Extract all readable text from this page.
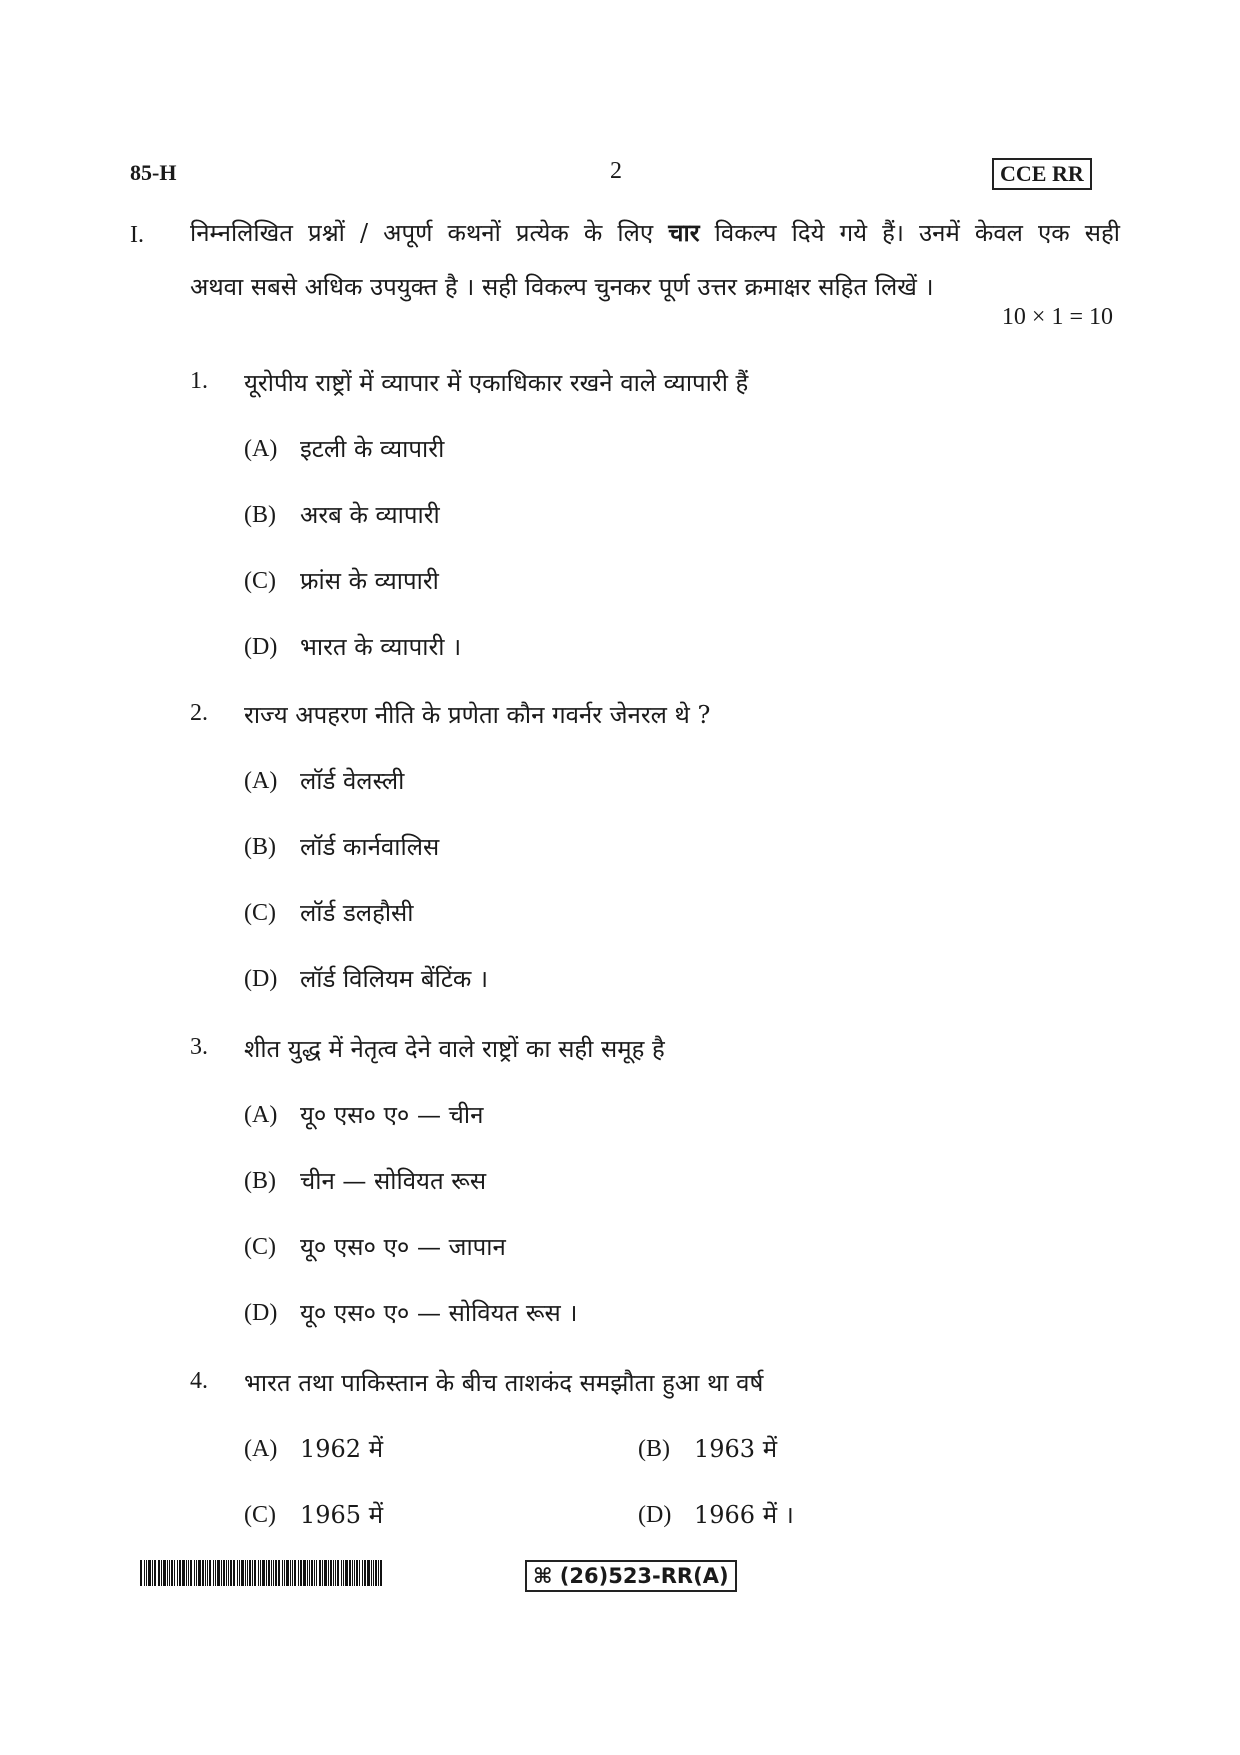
85-H	2	CCE RR
I. निम्नलिखित प्रश्नों / अपूर्ण कथनों प्रत्येक के लिए चार विकल्प दिये गये हैं। उनमें केवल एक सही
अथवा सबसे अधिक उपयुक्त है । सही विकल्प चुनकर पूर्ण उत्तर क्रमाक्षर सहित लिखें ।
10 × 1 = 10
1. यूरोपीय राष्ट्रों में व्यापार में एकाधिकार रखने वाले व्यापारी हैं
(A) इटली के व्यापारी
(B) अरब के व्यापारी
(C) फ्रांस के व्यापारी
(D) भारत के व्यापारी ।
2. राज्य अपहरण नीति के प्रणेता कौन गवर्नर जेनरल थे ?
(A) लॉर्ड वेलस्ली
(B) लॉर्ड कार्नवालिस
(C) लॉर्ड डलहौसी
(D) लॉर्ड विलियम बेंटिंक ।
3. शीत युद्ध में नेतृत्व देने वाले राष्ट्रों का सही समूह है
(A) यू० एस० ए० — चीन
(B) चीन — सोवियत रूस
(C) यू० एस० ए० — जापान
(D) यू० एस० ए० — सोवियत रूस ।
4. भारत तथा पाकिस्तान के बीच ताशकंद समझौता हुआ था वर्ष
(A) 1962 में	(B) 1963 में
(C) 1965 में	(D) 1966 में ।
⌘ (26)523-RR(A)
